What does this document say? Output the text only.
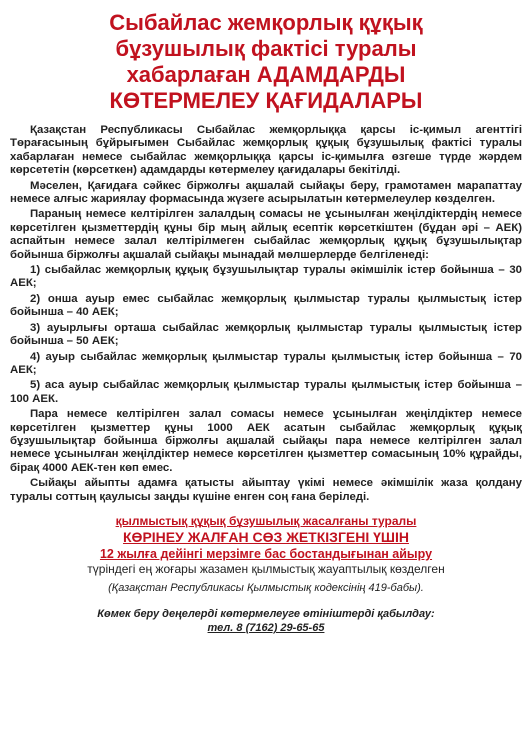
Сыбайлас жемқорлық құқық
бұзушылық фактісі туралы
хабарлаған АДАМДАРДЫ
КӨТЕРМЕЛЕУ ҚАҒИДАЛАРЫ

Қазақстан Республикасы Сыбайлас жемқорлыққа қарсы іс-қимыл агенттігі Төрағасының бұйрығымен Сыбайлас жемқорлық құқық бұзушылық фактісі туралы хабарлаған немесе сыбайлас жемқорлыққа қарсы іс-қимылға өзгеше түрде жәрдем көрсететін (көрсеткен) адамдарды көтермелеу қағидалары бекітілді.

Мәселен, Қағидаға сәйкес біржолғы ақшалай сыйақы беру, грамотамен марапаттау немесе алғыс жариялау формасында жүзеге асырылатын көтермелеулер көзделген.

Параның немесе келтірілген залалдың сомасы не ұсынылған жеңілдіктердің немесе көрсетілген қызметтердің құны бір мың айлық есептік көрсеткіштен (бұдан әрі – АЕК) аспайтын немесе залал келтірілмеген сыбайлас жемқорлық құқық бұзушылықтар бойынша біржолғы ақшалай сыйақы мынадай мөлшерлерде белгіленеді:

1) сыбайлас жемқорлық құқық бұзушылықтар туралы әкімшілік істер бойынша – 30 АЕК;

2) онша ауыр емес сыбайлас жемқорлық қылмыстар туралы қылмыстық істер бойынша – 40 АЕК;

3) ауырлығы орташа сыбайлас жемқорлық қылмыстар туралы қылмыстық істер бойынша – 50 АЕК;

4) ауыр сыбайлас жемқорлық қылмыстар туралы қылмыстық істер бойынша – 70 АЕК;

5) аса ауыр сыбайлас жемқорлық қылмыстар туралы қылмыстық істер бойынша – 100 АЕК.

Пара немесе келтірілген залал сомасы немесе ұсынылған жеңілдіктер немесе көрсетілген қызметтер құны 1000 АЕК асатын сыбайлас жемқорлық құқық бұзушылықтар бойынша біржолғы ақшалай сыйақы пара немесе келтірілген залал немесе ұсынылған жеңілдіктер немесе көрсетілген қызметтер сомасының 10% құрайды, бірақ 4000 АЕК-тен көп емес.

Сыйақы айыпты адамға қатысты айыптау үкімі немесе әкімшілік жаза қолдану туралы соттың қаулысы заңды күшіне енген соң ғана беріледі.

қылмыстық құқық бұзушылық жасалғаны туралы
КӨРІНЕУ ЖАЛҒАН СӨЗ ЖЕТКІЗГЕНІ ҮШІН
12 жылға дейінгі мерзімге бас бостандығынан айыру
түріндегі ең жоғары жазамен қылмыстық жауаптылық көзделген
(Қазақстан Республикасы Қылмыстық кодексінің 419-бабы).
Көмек беру деңелерді көтермелеуге өтініштерді қабылдау:
тел. 8 (7162) 29-65-65
